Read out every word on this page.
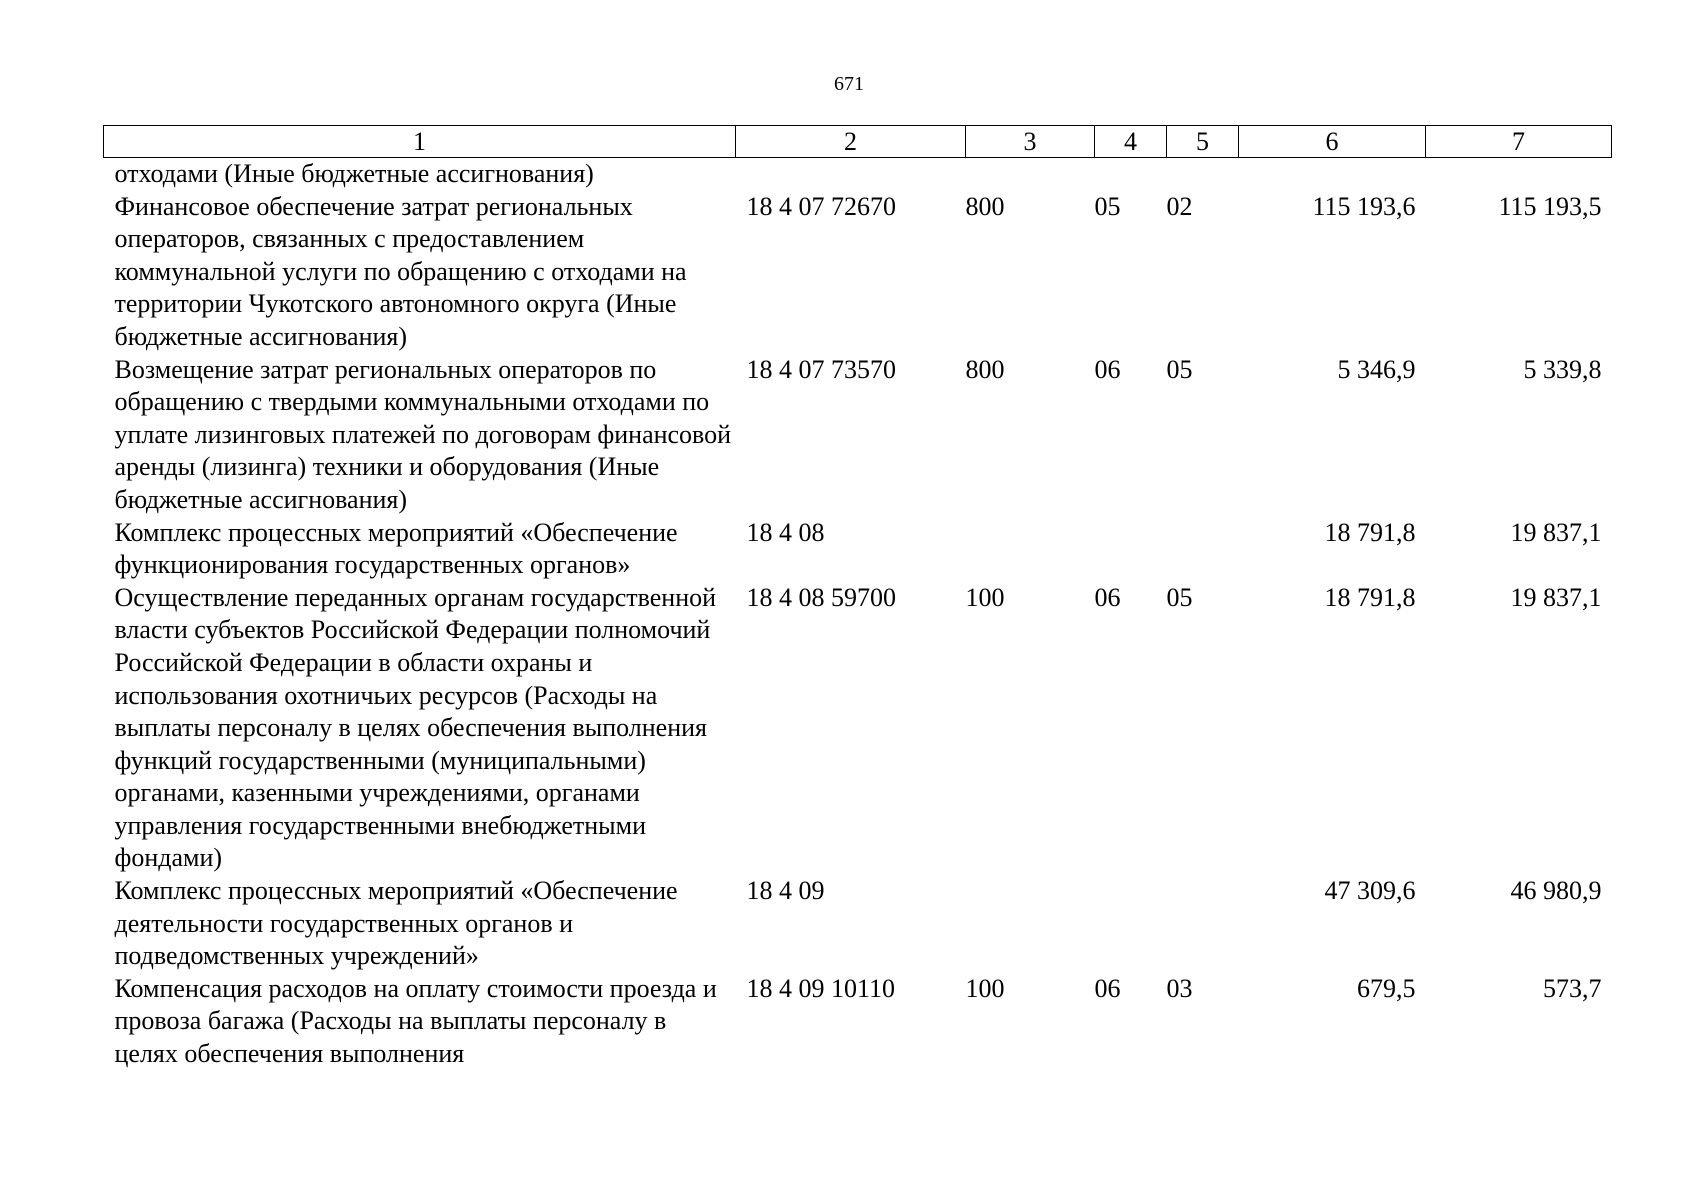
671
1	2	3	4	5	6	7
отходами (Иные бюджетные ассигнования)						
Финансовое обеспечение затрат региональных операторов, связанных с предоставлением коммунальной услуги по обращению с отходами на территории Чукотского автономного округа (Иные бюджетные ассигнования)	18 4 07 72670	800	05	02	115 193,6	115 193,5
Возмещение затрат региональных операторов по обращению с твердыми коммунальными отходами по уплате лизинговых платежей по договорам финансовой аренды (лизинга) техники и оборудования (Иные бюджетные ассигнования)	18 4 07 73570	800	06	05	5 346,9	5 339,8
Комплекс процессных мероприятий «Обеспечение функционирования государственных органов»	18 4 08				18 791,8	19 837,1
Осуществление переданных органам государственной власти субъектов Российской Федерации полномочий Российской Федерации в области охраны и использования охотничьих ресурсов (Расходы на выплаты персоналу в целях обеспечения выполнения функций государственными (муниципальными) органами, казенными учреждениями, органами управления государственными внебюджетными фондами)	18 4 08 59700	100	06	05	18 791,8	19 837,1
Комплекс процессных мероприятий «Обеспечение деятельности государственных органов и подведомственных учреждений»	18 4 09				47 309,6	46 980,9
Компенсация расходов на оплату стоимости проезда и провоза багажа (Расходы на выплаты персоналу в целях обеспечения выполнения	18 4 09 10110	100	06	03	679,5	573,7
